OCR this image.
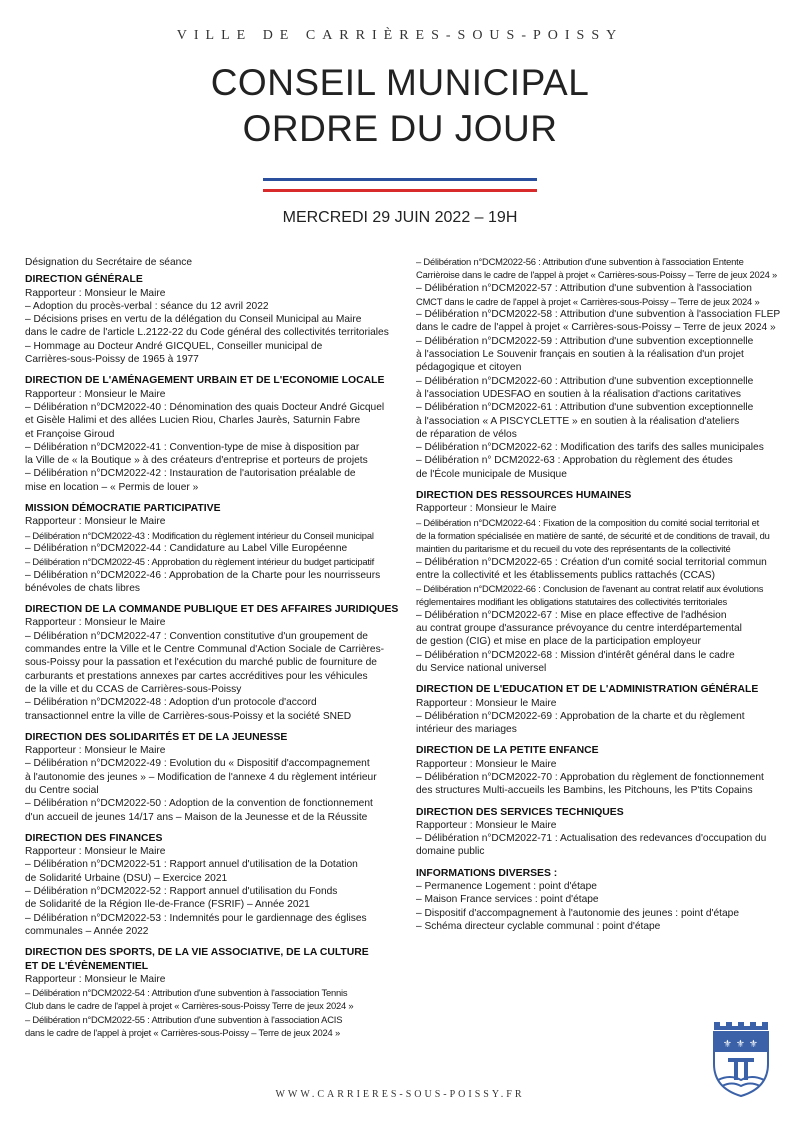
VILLE DE CARRIÈRES-SOUS-POISSY
CONSEIL MUNICIPAL
ORDRE DU JOUR
MERCREDI 29 JUIN 2022 – 19H
Désignation du Secrétaire de séance
DIRECTION GÉNÉRALE
Rapporteur : Monsieur le Maire
– Adoption du procès-verbal : séance du 12 avril 2022
– Décisions prises en vertu de la délégation du Conseil Municipal au Maire
dans le cadre de l'article L.2122-22 du Code général des collectivités territoriales
– Hommage au Docteur André GICQUEL, Conseiller municipal de
Carrières-sous-Poissy de 1965 à 1977
DIRECTION DE L'AMÉNAGEMENT URBAIN ET DE L'ECONOMIE LOCALE
Rapporteur : Monsieur le Maire
– Délibération n°DCM2022-40 : Dénomination des quais Docteur André Gicquel
et Gisèle Halimi et des allées Lucien Riou, Charles Jaurès, Saturnin Fabre
et Françoise Giroud
– Délibération n°DCM2022-41 : Convention-type de mise à disposition par
la Ville de « la Boutique » à des créateurs d'entreprise et porteurs de projets
– Délibération n°DCM2022-42 : Instauration de l'autorisation préalable de
mise en location – « Permis de louer »
MISSION DÉMOCRATIE PARTICIPATIVE
Rapporteur : Monsieur le Maire
– Délibération n°DCM2022-43 : Modification du règlement intérieur du Conseil municipal
– Délibération n°DCM2022-44 : Candidature au Label Ville Européenne
– Délibération n°DCM2022-45 : Approbation du règlement intérieur du budget participatif
– Délibération n°DCM2022-46 : Approbation de la Charte pour les nourrisseurs
bénévoles de chats libres
DIRECTION DE LA COMMANDE PUBLIQUE ET DES AFFAIRES JURIDIQUES
Rapporteur : Monsieur le Maire
– Délibération n°DCM2022-47 : Convention constitutive d'un groupement de
commandes entre la Ville et le Centre Communal d'Action Sociale de Carrières-
sous-Poissy pour la passation et l'exécution du marché public de fourniture de
carburants et prestations annexes par cartes accréditives pour les véhicules
de la ville et du CCAS de Carrières-sous-Poissy
– Délibération n°DCM2022-48 : Adoption d'un protocole d'accord
transactionnel entre la ville de Carrières-sous-Poissy et la société SNED
DIRECTION DES SOLIDARITÉS ET DE LA JEUNESSE
Rapporteur : Monsieur le Maire
– Délibération n°DCM2022-49 : Evolution du « Dispositif d'accompagnement
à l'autonomie des jeunes » – Modification de l'annexe 4 du règlement intérieur
du Centre social
– Délibération n°DCM2022-50 : Adoption de la convention de fonctionnement
d'un accueil de jeunes 14/17 ans – Maison de la Jeunesse et de la Réussite
DIRECTION DES FINANCES
Rapporteur : Monsieur le Maire
– Délibération n°DCM2022-51 : Rapport annuel d'utilisation de la Dotation
de Solidarité Urbaine (DSU) – Exercice 2021
– Délibération n°DCM2022-52 : Rapport annuel d'utilisation du Fonds
de Solidarité de la Région Ile-de-France (FSRIF) – Année 2021
– Délibération n°DCM2022-53 : Indemnités pour le gardiennage des églises
communales – Année 2022
DIRECTION DES SPORTS, DE LA VIE ASSOCIATIVE, DE LA CULTURE
ET DE L'ÉVÈNEMENTIEL
Rapporteur : Monsieur le Maire
– Délibération n°DCM2022-54 : Attribution d'une subvention à l'association Tennis
Club dans le cadre de l'appel à projet « Carrières-sous-Poissy Terre de jeux 2024 »
– Délibération n°DCM2022-55 : Attribution d'une subvention à l'association ACIS
dans le cadre de l'appel à projet « Carrières-sous-Poissy – Terre de jeux 2024 »
– Délibération n°DCM2022-56 : Attribution d'une subvention à l'association Entente
Carrièroise dans le cadre de l'appel à projet « Carrières-sous-Poissy – Terre de jeux 2024 »
– Délibération n°DCM2022-57 : Attribution d'une subvention à l'association
CMCT dans le cadre de l'appel à projet « Carrières-sous-Poissy – Terre de jeux 2024 »
– Délibération n°DCM2022-58 : Attribution d'une subvention à l'association FLEP
dans le cadre de l'appel à projet « Carrières-sous-Poissy – Terre de jeux 2024 »
– Délibération n°DCM2022-59 : Attribution d'une subvention exceptionnelle
à l'association Le Souvenir français en soutien à la réalisation d'un projet
pédagogique et citoyen
– Délibération n°DCM2022-60 : Attribution d'une subvention exceptionnelle
à l'association UDESFAO en soutien à la réalisation d'actions caritatives
– Délibération n°DCM2022-61 : Attribution d'une subvention exceptionnelle
à l'association « A PISCYCLETTE » en soutien à la réalisation d'ateliers
de réparation de vélos
– Délibération n°DCM2022-62 : Modification des tarifs des salles municipales
– Délibération n° DCM2022-63 : Approbation du règlement des études
de l'École municipale de Musique
DIRECTION DES RESSOURCES HUMAINES
Rapporteur : Monsieur le Maire
– Délibération n°DCM2022-64 : Fixation de la composition du comité social territorial et
de la formation spécialisée en matière de santé, de sécurité et de conditions de travail, du
maintien du paritarisme et du recueil du vote des représentants de la collectivité
– Délibération n°DCM2022-65 : Création d'un comité social territorial commun
entre la collectivité et les établissements publics rattachés (CCAS)
– Délibération n°DCM2022-66 : Conclusion de l'avenant au contrat relatif aux évolutions
réglementaires modifiant les obligations statutaires des collectivités territoriales
– Délibération n°DCM2022-67 : Mise en place effective de l'adhésion
au contrat groupe d'assurance prévoyance du centre interdépartemental
de gestion (CIG) et mise en place de la participation employeur
– Délibération n°DCM2022-68 : Mission d'intérêt général dans le cadre
du Service national universel
DIRECTION DE L'EDUCATION ET DE L'ADMINISTRATION GÉNÉRALE
Rapporteur : Monsieur le Maire
– Délibération n°DCM2022-69 : Approbation de la charte et du règlement
intérieur des mariages
DIRECTION DE LA PETITE ENFANCE
Rapporteur : Monsieur le Maire
– Délibération n°DCM2022-70 : Approbation du règlement de fonctionnement
des structures Multi-accueils les Bambins, les Pitchouns, les P'tits Copains
DIRECTION DES SERVICES TECHNIQUES
Rapporteur : Monsieur le Maire
– Délibération n°DCM2022-71 : Actualisation des redevances d'occupation du
domaine public
INFORMATIONS DIVERSES :
– Permanence Logement : point d'étape
– Maison France services : point d'étape
– Dispositif d'accompagnement à l'autonomie des jeunes : point d'étape
– Schéma directeur cyclable communal : point d'étape
⚜ ⚜ ⚜
WWW.CARRIERES-SOUS-POISSY.FR
